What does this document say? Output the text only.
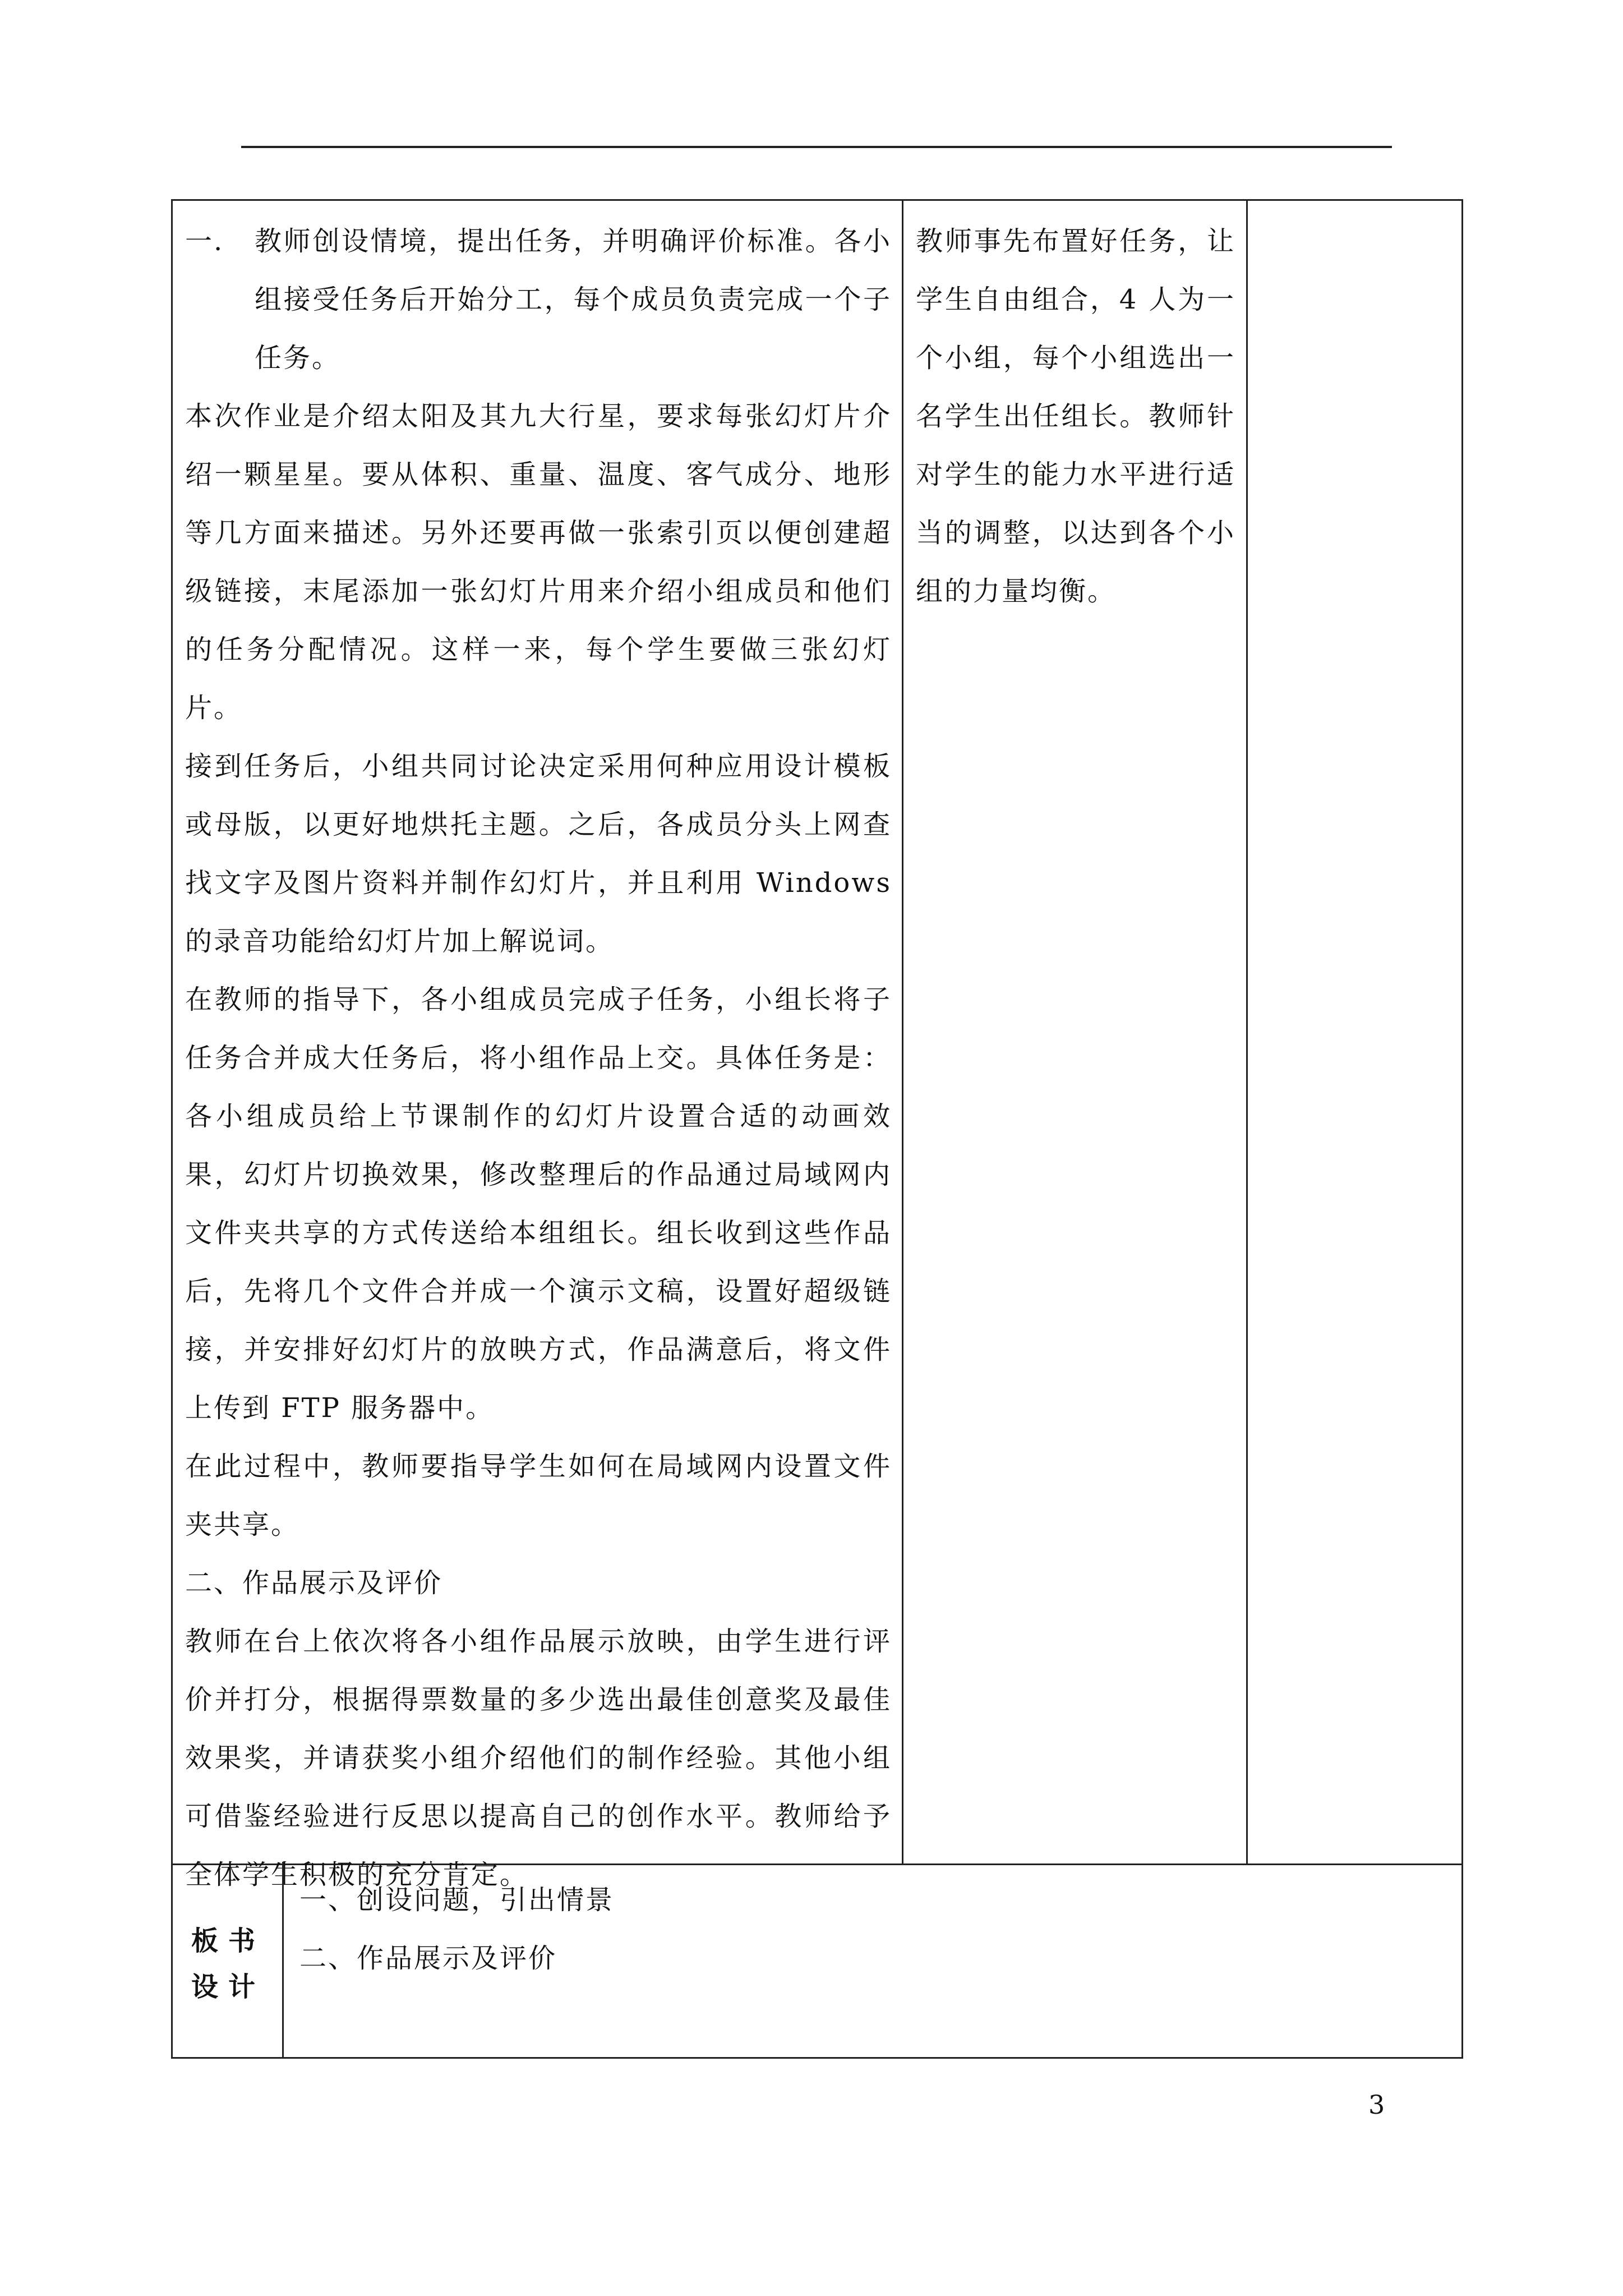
一.	教师创设情境，提出任务，并明确评价标准。各小组接受任务后开始分工，每个成员负责完成一个子任务。

本次作业是介绍太阳及其九大行星，要求每张幻灯片介绍一颗星星。要从体积、重量、温度、客气成分、地形等几方面来描述。另外还要再做一张索引页以便创建超级链接，末尾添加一张幻灯片用来介绍小组成员和他们的任务分配情况。这样一来，每个学生要做三张幻灯片。

接到任务后，小组共同讨论决定采用何种应用设计模板或母版，以更好地烘托主题。之后，各成员分头上网查找文字及图片资料并制作幻灯片，并且利用 Windows 的录音功能给幻灯片加上解说词。

在教师的指导下，各小组成员完成子任务，小组长将子任务合并成大任务后，将小组作品上交。具体任务是：各小组成员给上节课制作的幻灯片设置合适的动画效果，幻灯片切换效果，修改整理后的作品通过局域网内文件夹共享的方式传送给本组组长。组长收到这些作品后，先将几个文件合并成一个演示文稿，设置好超级链接，并安排好幻灯片的放映方式，作品满意后，将文件上传到 FTP 服务器中。

在此过程中，教师要指导学生如何在局域网内设置文件夹共享。

二、作品展示及评价

教师在台上依次将各小组作品展示放映，由学生进行评价并打分，根据得票数量的多少选出最佳创意奖及最佳效果奖，并请获奖小组介绍他们的制作经验。其他小组可借鉴经验进行反思以提高自己的创作水平。教师给予全体学生积极的充分肯定。

教师事先布置好任务，让学生自由组合，4 人为一个小组，每个小组选出一名学生出任组长。教师针对学生的能力水平进行适当的调整，以达到各个小组的力量均衡。

板书
设计

一、创设问题，引出情景

二、作品展示及评价

3
